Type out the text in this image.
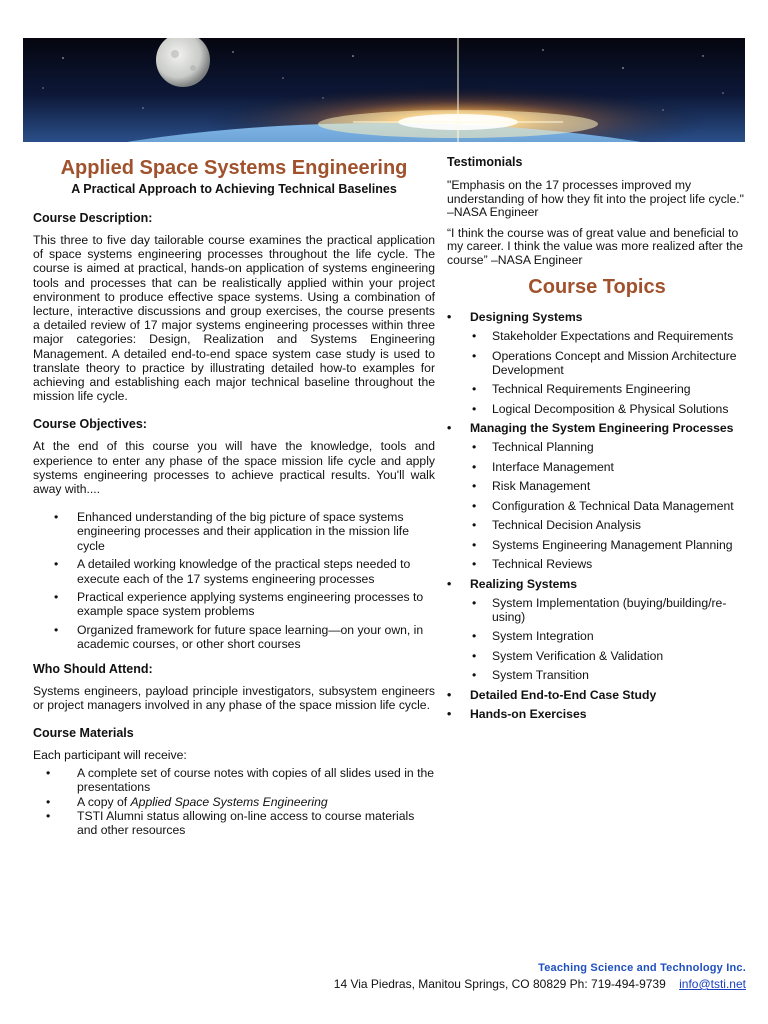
Applied Space Systems Engineering
A Practical Approach to Achieving Technical Baselines
Course Description:

This three to five day tailorable course examines the practical application of space systems engineering processes throughout the life cycle. The course is aimed at practical, hands-on application of systems engineering tools and processes that can be realistically applied within your project environment to produce effective space systems. Using a combination of lecture, interactive discussions and group exercises, the course presents a detailed review of 17 major systems engineering processes within three major categories: Design, Realization and Systems Engineering Management. A detailed end-to-end space system case study is used to translate theory to practice by illustrating detailed how-to examples for achieving and establishing each major technical baseline throughout the mission life cycle.

Course Objectives:

At the end of this course you will have the knowledge, tools and experience to enter any phase of the space mission life cycle and apply systems engineering processes to achieve practical results. You'll walk away with....

• Enhanced understanding of the big picture of space systems engineering processes and their application in the mission life cycle
• A detailed working knowledge of the practical steps needed to execute each of the 17 systems engineering processes
• Practical experience applying systems engineering processes to example space system problems
• Organized framework for future space learning—on your own, in academic courses, or other short courses
Who Should Attend:

Systems engineers, payload principle investigators, subsystem engineers or project managers involved in any phase of the space mission life cycle.

Course Materials

Each participant will receive:

• A complete set of course notes with copies of all slides used in the presentations
• A copy of Applied Space Systems Engineering
• TSTI Alumni status allowing on-line access to course materials and other resources
Testimonials

"Emphasis on the 17 processes improved my understanding of how they fit into the project life cycle." –NASA Engineer

“I think the course was of great value and beneficial to my career. I think the value was more realized after the course” –NASA Engineer

Course Topics
• Designing Systems
• Stakeholder Expectations and Requirements
• Operations Concept and Mission Architecture Development
• Technical Requirements Engineering
• Logical Decomposition & Physical Solutions
• Managing the System Engineering Processes
• Technical Planning
• Interface Management
• Risk Management
• Configuration & Technical Data Management
• Technical Decision Analysis
• Systems Engineering Management Planning
• Technical Reviews
• Realizing Systems
• System Implementation (buying/building/re-using)
• System Integration
• System Verification & Validation
• System Transition
• Detailed End-to-End Case Study
• Hands-on Exercises
Teaching Science and Technology Inc.
14 Via Piedras, Manitou Springs, CO 80829 Ph: 719-494-9739 info@tsti.net
